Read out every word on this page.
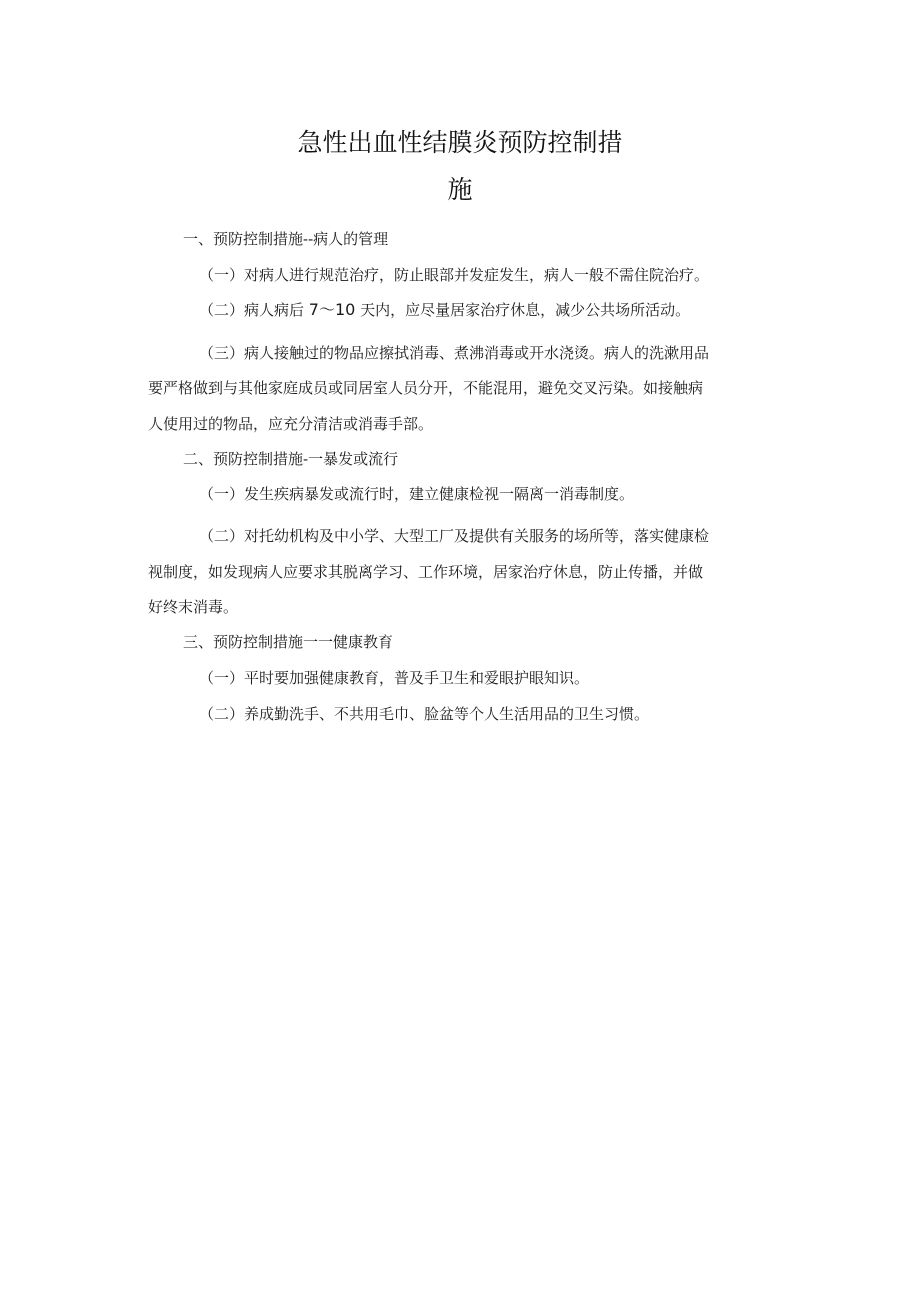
急性出血性结膜炎预防控制措
施

一、预防控制措施--病人的管理

（一）对病人进行规范治疗，防止眼部并发症发生，病人一般不需住院治疗。

（二）病人病后 7～10 天内，应尽量居家治疗休息，减少公共场所活动。

（三）病人接触过的物品应擦拭消毒、煮沸消毒或开水浇烫。病人的洗漱用品

要严格做到与其他家庭成员或同居室人员分开，不能混用，避免交叉污染。如接触病

人使用过的物品，应充分清洁或消毒手部。

二、预防控制措施-一暴发或流行

（一）发生疾病暴发或流行时，建立健康检视一隔离一消毒制度。

（二）对托幼机构及中小学、大型工厂及提供有关服务的场所等，落实健康检

视制度，如发现病人应要求其脱离学习、工作环境，居家治疗休息，防止传播，并做

好终末消毒。

三、预防控制措施一一健康教育

（一）平时要加强健康教育，普及手卫生和爱眼护眼知识。

（二）养成勤洗手、不共用毛巾、脸盆等个人生活用品的卫生习惯。
